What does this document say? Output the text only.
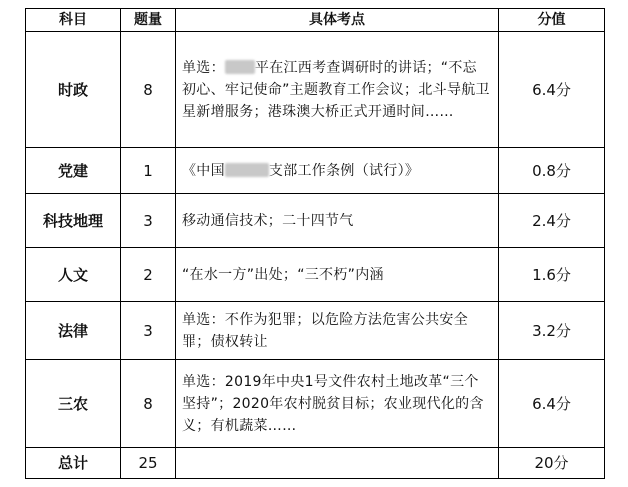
科目	题量	具体考点	分值
时政	8	单选： 平在江西考查调研时的讲话；“不忘初心、牢记使命”主题教育工作会议；北斗导航卫星新增服务；港珠澳大桥正式开通时间……	6.4分
党建	1	《中国 支部工作条例（试行）》	0.8分
科技地理	3	移动通信技术；二十四节气	2.4分
人文	2	“在水一方”出处；“三不朽”内涵	1.6分
法律	3	单选：不作为犯罪；以危险方法危害公共安全罪；债权转让	3.2分
三农	8	单选：2019年中央1号文件农村土地改革“三个坚持”；2020年农村脱贫目标；农业现代化的含义；有机蔬菜……	6.4分
总计	25		20分
